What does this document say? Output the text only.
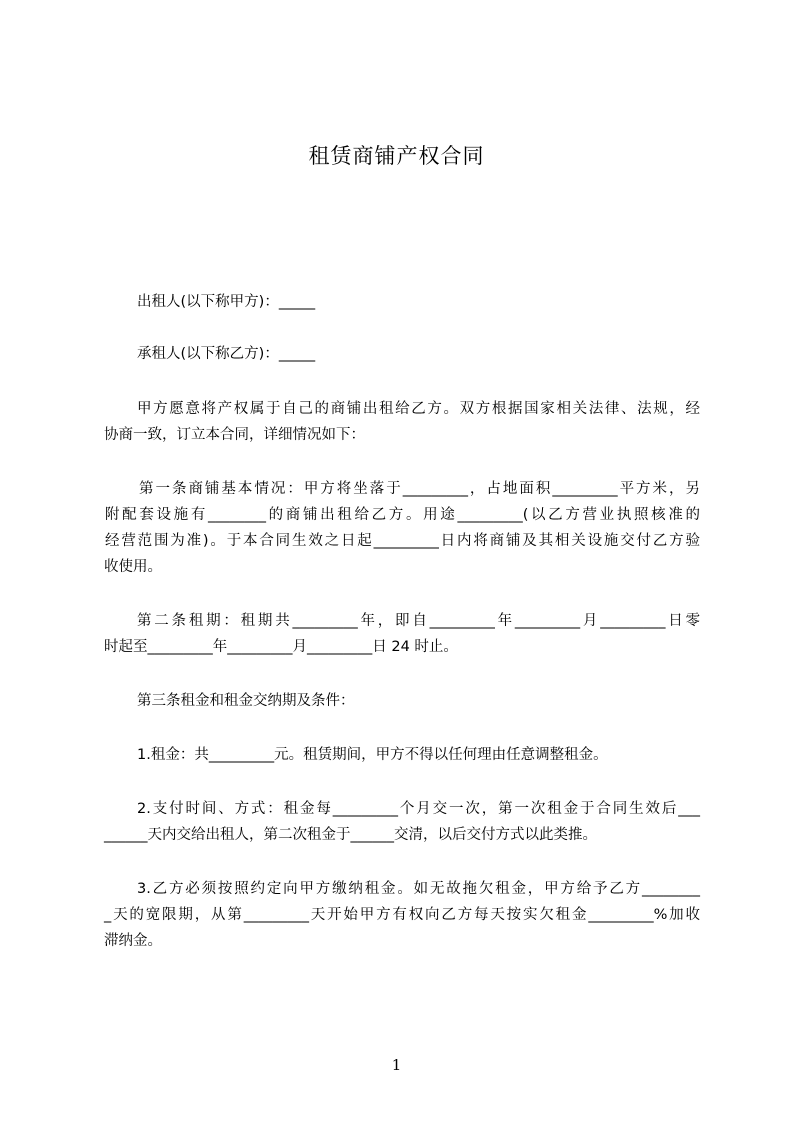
租赁商铺产权合同
出租人(以下称甲方)：_____
承租人(以下称乙方)：_____
甲方愿意将产权属于自己的商铺出租给乙方。双方根据国家相关法律、法规，经
协商一致，订立本合同，详细情况如下：
第一条商铺基本情况：甲方将坐落于_________，占地面积_________平方米，另
附配套设施有________的商铺出租给乙方。用途_________(以乙方营业执照核准的
经营范围为准)。于本合同生效之日起_________日内将商铺及其相关设施交付乙方验
收使用。
第二条租期：租期共_________年，即自_________年_________月_________日零
时起至_________年_________月_________日 24 时止。
第三条租金和租金交纳期及条件：
1.租金：共_________元。租赁期间，甲方不得以任何理由任意调整租金。
2.支付时间、方式：租金每_________个月交一次，第一次租金于合同生效后___
______天内交给出租人，第二次租金于______交清，以后交付方式以此类推。
3.乙方必须按照约定向甲方缴纳租金。如无故拖欠租金，甲方给予乙方________
_天的宽限期，从第_________天开始甲方有权向乙方每天按实欠租金_________%加收
滞纳金。
1
